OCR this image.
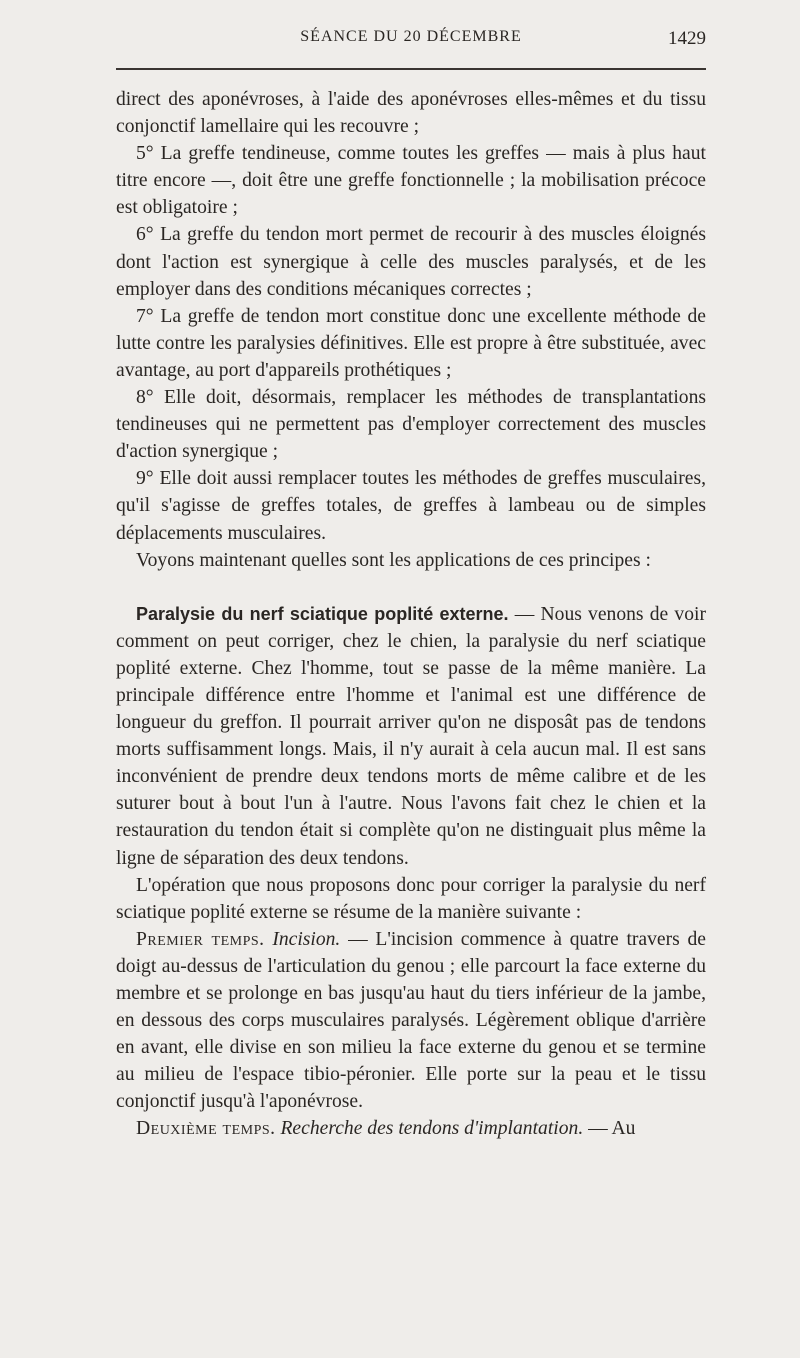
SÉANCE DU 20 DÉCEMBRE	1429

direct des aponévroses, à l'aide des aponévroses elles-mêmes et du tissu conjonctif lamellaire qui les recouvre ;

5° La greffe tendineuse, comme toutes les greffes — mais à plus haut titre encore —, doit être une greffe fonctionnelle ; la mobilisation précoce est obligatoire ;

6° La greffe du tendon mort permet de recourir à des muscles éloignés dont l'action est synergique à celle des muscles paralysés, et de les employer dans des conditions mécaniques correctes ;

7° La greffe de tendon mort constitue donc une excellente méthode de lutte contre les paralysies définitives. Elle est propre à être substituée, avec avantage, au port d'appareils prothétiques ;

8° Elle doit, désormais, remplacer les méthodes de transplantations tendineuses qui ne permettent pas d'employer correctement des muscles d'action synergique ;

9° Elle doit aussi remplacer toutes les méthodes de greffes musculaires, qu'il s'agisse de greffes totales, de greffes à lambeau ou de simples déplacements musculaires.

Voyons maintenant quelles sont les applications de ces principes :

Paralysie du nerf sciatique poplité externe. — Nous venons de voir comment on peut corriger, chez le chien, la paralysie du nerf sciatique poplité externe. Chez l'homme, tout se passe de la même manière. La principale différence entre l'homme et l'animal est une différence de longueur du greffon. Il pourrait arriver qu'on ne disposât pas de tendons morts suffisamment longs. Mais, il n'y aurait à cela aucun mal. Il est sans inconvénient de prendre deux tendons morts de même calibre et de les suturer bout à bout l'un à l'autre. Nous l'avons fait chez le chien et la restauration du tendon était si complète qu'on ne distinguait plus même la ligne de séparation des deux tendons.

L'opération que nous proposons donc pour corriger la paralysie du nerf sciatique poplité externe se résume de la manière suivante :

Premier temps. Incision. — L'incision commence à quatre travers de doigt au-dessus de l'articulation du genou ; elle parcourt la face externe du membre et se prolonge en bas jusqu'au haut du tiers inférieur de la jambe, en dessous des corps musculaires paralysés. Légèrement oblique d'arrière en avant, elle divise en son milieu la face externe du genou et se termine au milieu de l'espace tibio-péronier. Elle porte sur la peau et le tissu conjonctif jusqu'à l'aponévrose.

Deuxième temps. Recherche des tendons d'implantation. — Au
